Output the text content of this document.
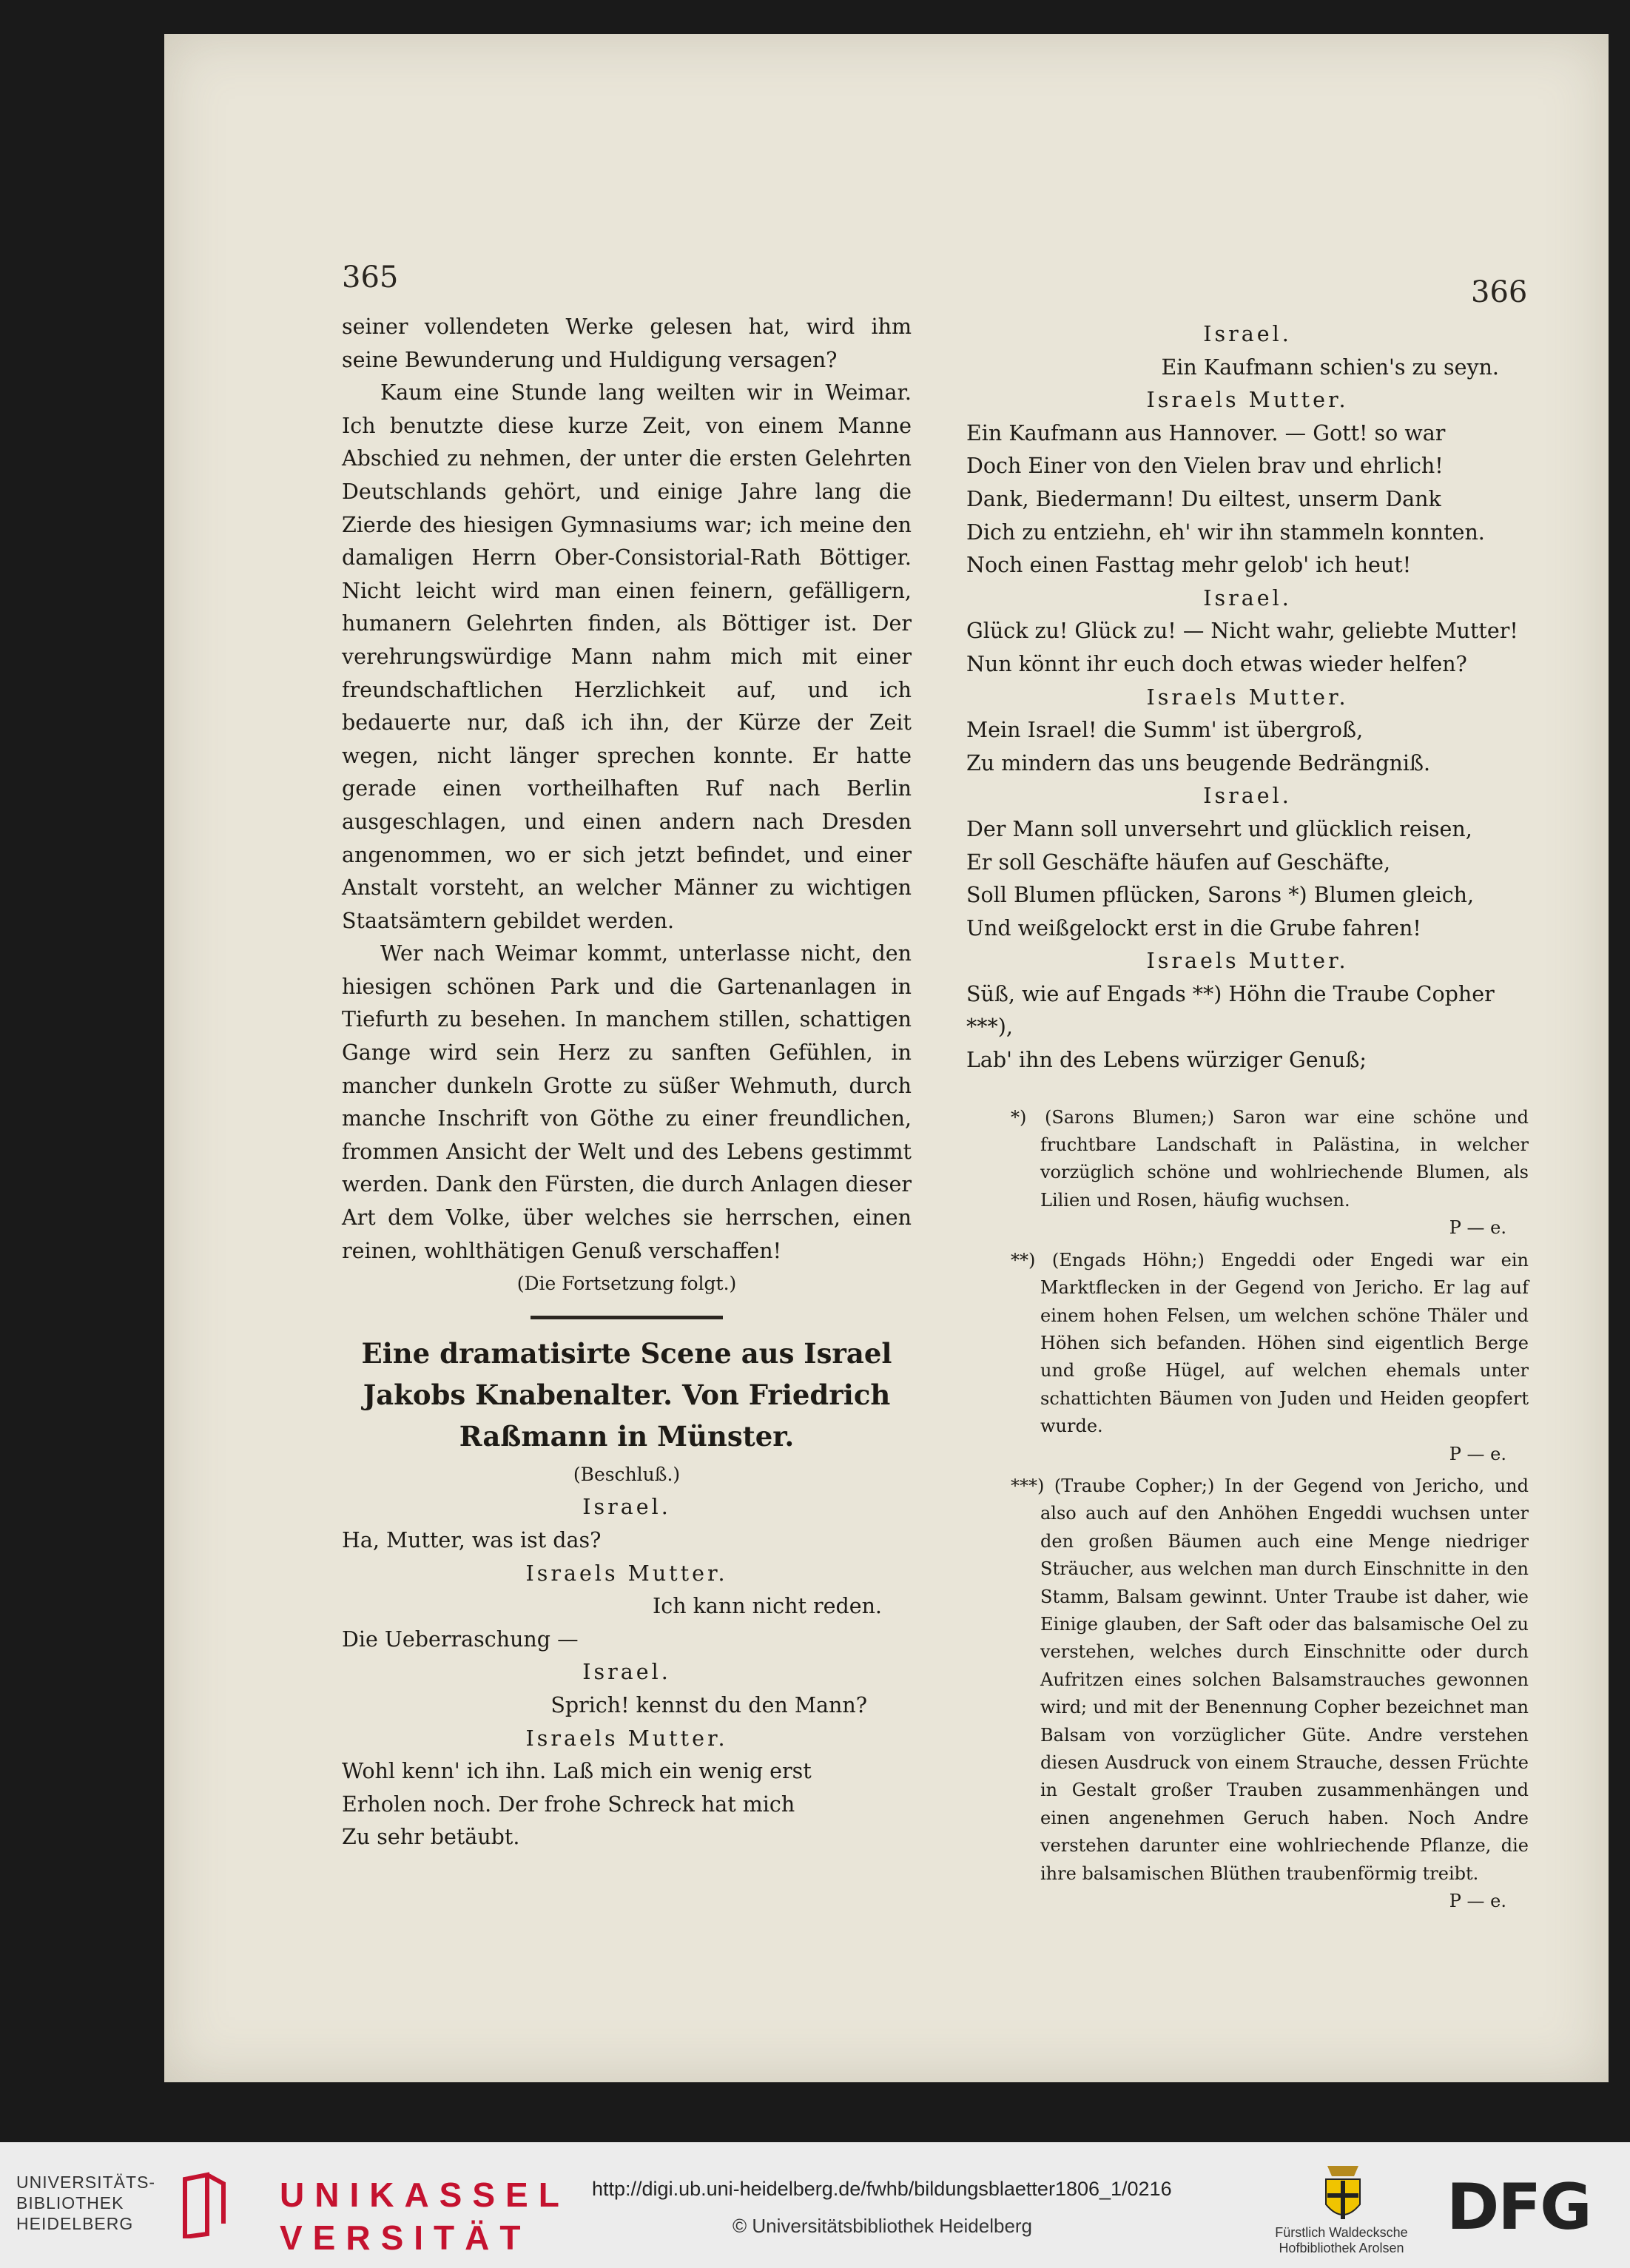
365

seiner vollendeten Werke gelesen hat, wird ihm seine Bewunderung und Huldigung versagen?

Kaum eine Stunde lang weilten wir in Weimar. Ich benutzte diese kurze Zeit, von einem Manne Abschied zu nehmen, der unter die ersten Gelehrten Deutschlands gehört, und einige Jahre lang die Zierde des hiesigen Gymnasiums war; ich meine den damaligen Herrn Ober-Consistorial-Rath Böttiger. Nicht leicht wird man einen feinern, gefälligern, humanern Gelehrten finden, als Böttiger ist. Der verehrungswürdige Mann nahm mich mit einer freundschaftlichen Herzlichkeit auf, und ich bedauerte nur, daß ich ihn, der Kürze der Zeit wegen, nicht länger sprechen konnte. Er hatte gerade einen vortheilhaften Ruf nach Berlin ausgeschlagen, und einen andern nach Dresden angenommen, wo er sich jetzt befindet, und einer Anstalt vorsteht, an welcher Männer zu wichtigen Staatsämtern gebildet werden.

Wer nach Weimar kommt, unterlasse nicht, den hiesigen schönen Park und die Gartenanlagen in Tiefurth zu besehen. In manchem stillen, schattigen Gange wird sein Herz zu sanften Gefühlen, in mancher dunkeln Grotte zu süßer Wehmuth, durch manche Inschrift von Göthe zu einer freundlichen, frommen Ansicht der Welt und des Lebens gestimmt werden. Dank den Fürsten, die durch Anlagen dieser Art dem Volke, über welches sie herrschen, einen reinen, wohlthätigen Genuß verschaffen!

(Die Fortsetzung folgt.)

Eine dramatisirte Scene aus Israel Jakobs Knabenalter. Von Friedrich Raßmann in Münster.

(Beschluß.)

Israel.

Ha, Mutter, was ist das?

Israels Mutter.

Ich kann nicht reden.

Die Ueberraschung —

Israel.

Sprich! kennst du den Mann?

Israels Mutter.

Wohl kenn' ich ihn. Laß mich ein wenig erst

Erholen noch. Der frohe Schreck hat mich

Zu sehr betäubt.

366

Israel.

Ein Kaufmann schien's zu seyn.

Israels Mutter.

Ein Kaufmann aus Hannover. — Gott! so war

Doch Einer von den Vielen brav und ehrlich!

Dank, Biedermann! Du eiltest, unserm Dank

Dich zu entziehn, eh' wir ihn stammeln konnten.

Noch einen Fasttag mehr gelob' ich heut!

Israel.

Glück zu! Glück zu! — Nicht wahr, geliebte Mutter!

Nun könnt ihr euch doch etwas wieder helfen?

Israels Mutter.

Mein Israel! die Summ' ist übergroß,

Zu mindern das uns beugende Bedrängniß.

Israel.

Der Mann soll unversehrt und glücklich reisen,

Er soll Geschäfte häufen auf Geschäfte,

Soll Blumen pflücken, Sarons *) Blumen gleich,

Und weißgelockt erst in die Grube fahren!

Israels Mutter.

Süß, wie auf Engads **) Höhn die Traube Copher ***),

Lab' ihn des Lebens würziger Genuß;

*) (Sarons Blumen;) Saron war eine schöne und fruchtbare Landschaft in Palästina, in welcher vorzüglich schöne und wohlriechende Blumen, als Lilien und Rosen, häufig wuchsen.

P — e.

**) (Engads Höhn;) Engeddi oder Engedi war ein Marktflecken in der Gegend von Jericho. Er lag auf einem hohen Felsen, um welchen schöne Thäler und Höhen sich befanden. Höhen sind eigentlich Berge und große Hügel, auf welchen ehemals unter schattichten Bäumen von Juden und Heiden geopfert wurde.

P — e.

***) (Traube Copher;) In der Gegend von Jericho, und also auch auf den Anhöhen Engeddi wuchsen unter den großen Bäumen auch eine Menge niedriger Sträucher, aus welchen man durch Einschnitte in den Stamm, Balsam gewinnt. Unter Traube ist daher, wie Einige glauben, der Saft oder das balsamische Oel zu verstehen, welches durch Einschnitte oder durch Aufritzen eines solchen Balsamstrauches gewonnen wird; und mit der Benennung Copher bezeichnet man Balsam von vorzüglicher Güte. Andre verstehen diesen Ausdruck von einem Strauche, dessen Früchte in Gestalt großer Trauben zusammenhängen und einen angenehmen Geruch haben. Noch Andre verstehen darunter eine wohlriechende Pflanze, die ihre balsamischen Blüthen traubenförmig treibt.

P — e.

UNIVERSITÄTS-
BIBLIOTHEK
HEIDELBERG
UNIKASSEL
VERSITÄT
http://digi.ub.uni-heidelberg.de/fwhb/bildungsblaetter1806_1/0216
© Universitätsbibliothek Heidelberg	Fürstlich Waldecksche
Hofbibliothek Arolsen
DFG
